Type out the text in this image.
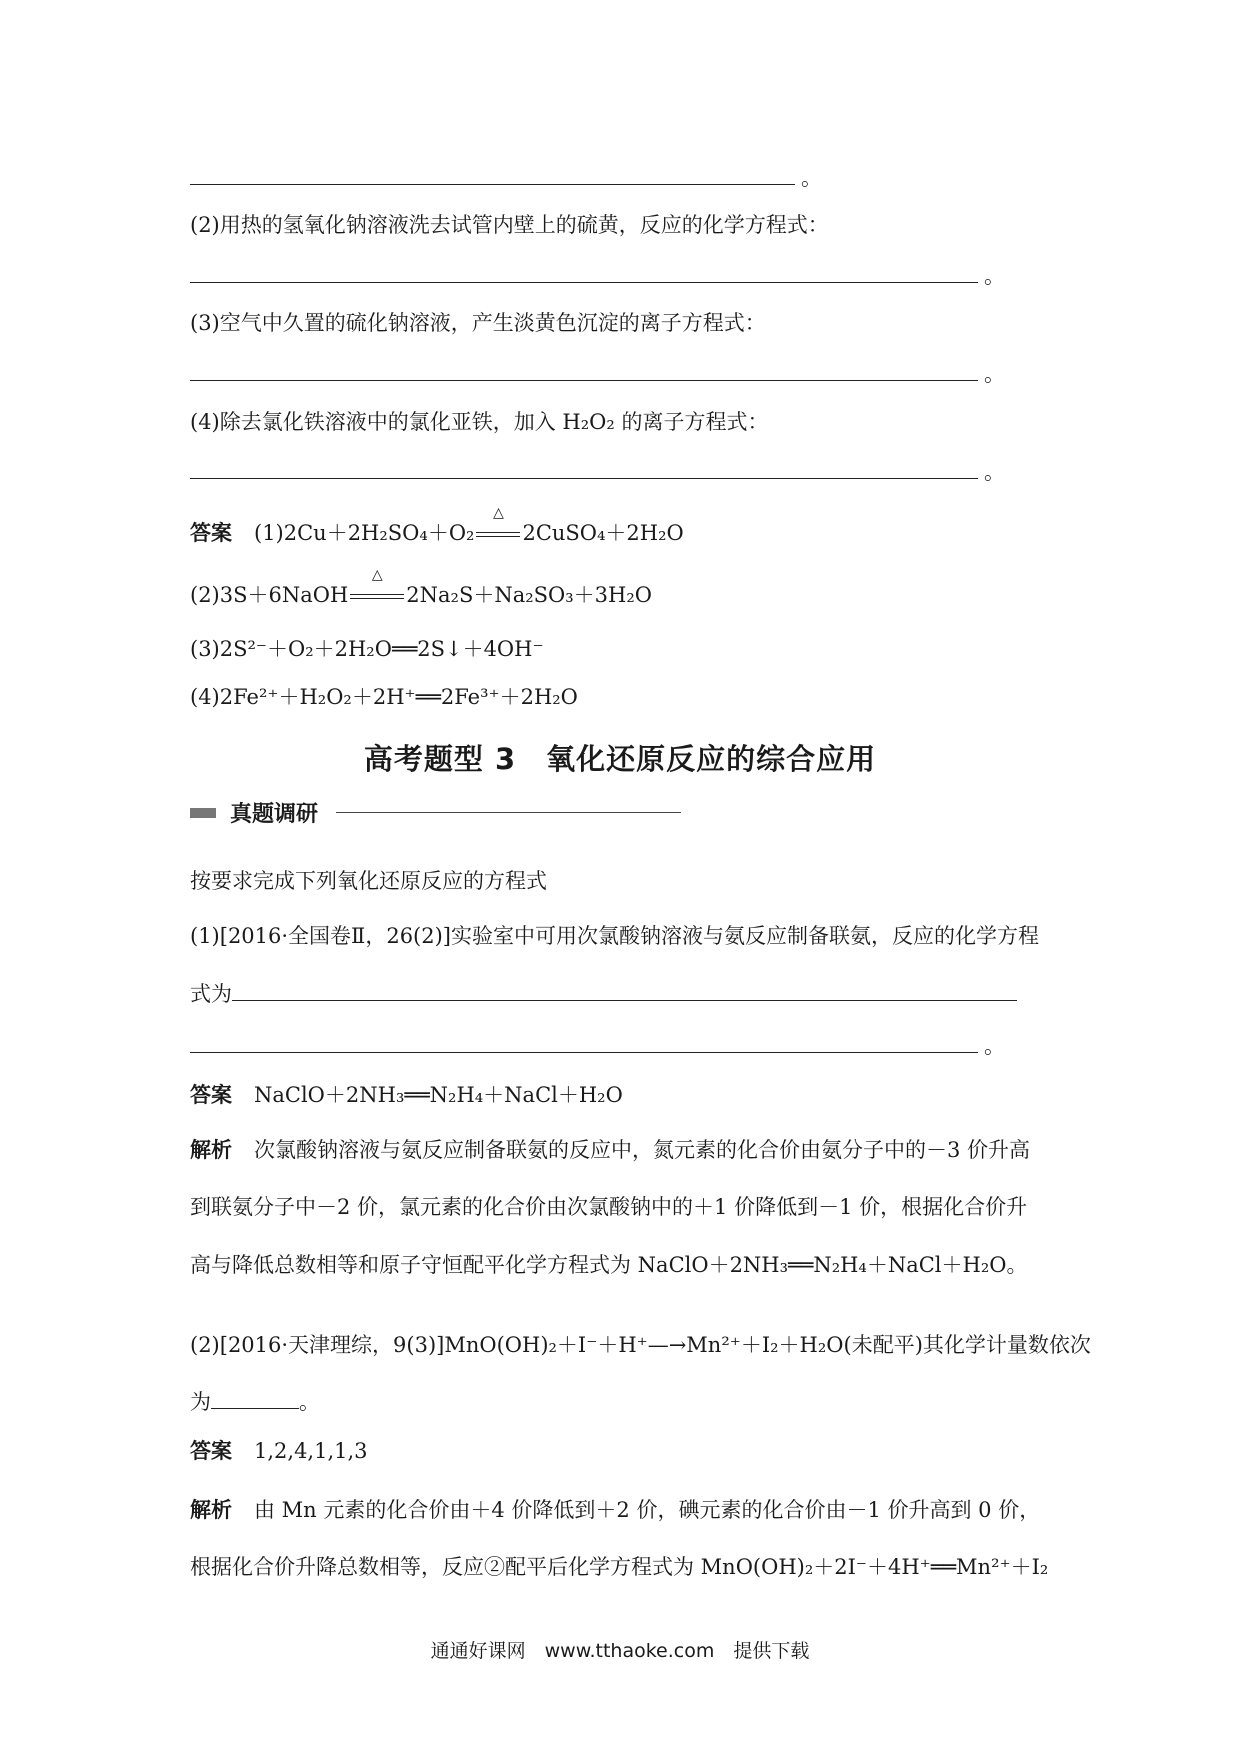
。
(2)用热的氢氧化钠溶液洗去试管内壁上的硫黄，反应的化学方程式：
。
(3)空气中久置的硫化钠溶液，产生淡黄色沉淀的离子方程式：
。
(4)除去氯化铁溶液中的氯化亚铁，加入 H₂O₂ 的离子方程式：
。
答案 (1)2Cu＋2H₂SO₄＋O₂
△
2CuSO₄＋2H₂O
(2)3S＋6NaOH
△
2Na₂S＋Na₂SO₃＋3H₂O
(3)2S²⁻＋O₂＋2H₂O══2S↓＋4OH⁻
(4)2Fe²⁺＋H₂O₂＋2H⁺══2Fe³⁺＋2H₂O
高考题型 3　氧化还原反应的综合应用
真题调研
按要求完成下列氧化还原反应的方程式
(1)[2016·全国卷Ⅱ，26(2)]实验室中可用次氯酸钠溶液与氨反应制备联氨，反应的化学方程
式为
。
答案 NaClO＋2NH₃══N₂H₄＋NaCl＋H₂O
解析 次氯酸钠溶液与氨反应制备联氨的反应中，氮元素的化合价由氨分子中的－3 价升高
到联氨分子中－2 价，氯元素的化合价由次氯酸钠中的＋1 价降低到－1 价，根据化合价升
高与降低总数相等和原子守恒配平化学方程式为 NaClO＋2NH₃══N₂H₄＋NaCl＋H₂O。
(2)[2016·天津理综，9(3)]MnO(OH)₂＋I⁻＋H⁺—→Mn²⁺＋I₂＋H₂O(未配平)其化学计量数依次
为	。
答案 1,2,4,1,1,3
解析 由 Mn 元素的化合价由＋4 价降低到＋2 价，碘元素的化合价由－1 价升高到 0 价，
根据化合价升降总数相等，反应②配平后化学方程式为 MnO(OH)₂＋2I⁻＋4H⁺══Mn²⁺＋I₂
通通好课网　www.tthaoke.com　提供下载
